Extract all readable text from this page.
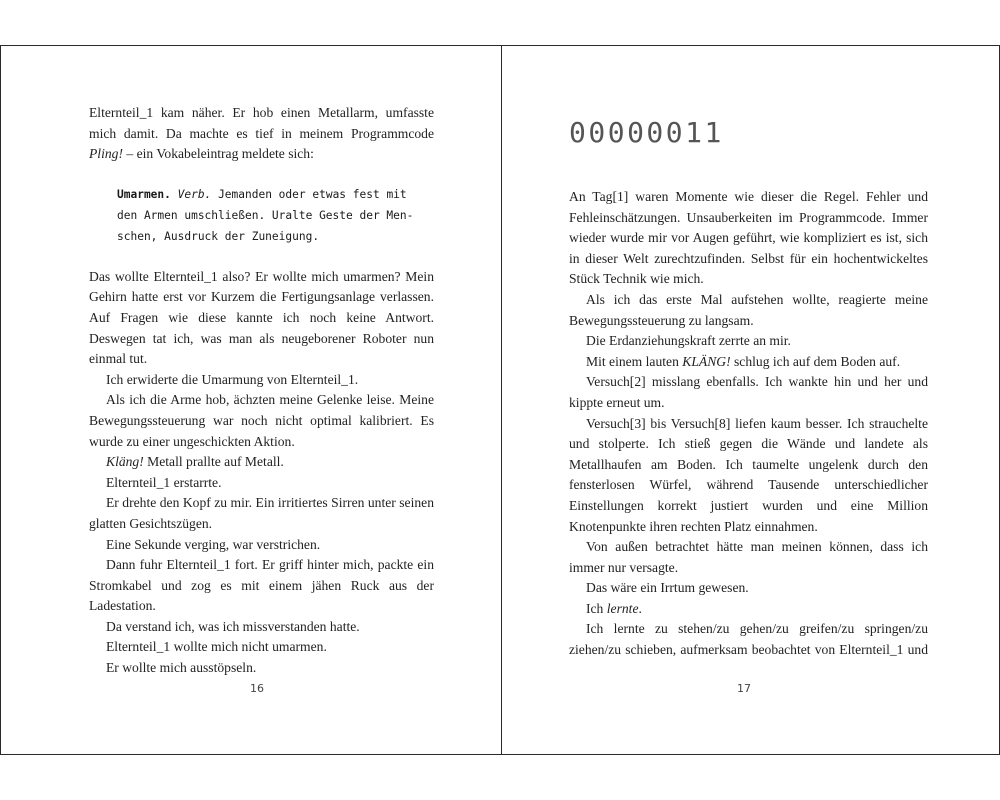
Elternteil_1 kam näher. Er hob einen Metallarm, umfasste
mich damit. Da machte es tief in meinem Programmcode
Pling! – ein Vokabeleintrag meldete sich:

Umarmen. Verb. Jemanden oder etwas fest mit
den Armen umschließen. Uralte Geste der Men-
schen, Ausdruck der Zuneigung.

Das wollte Elternteil_1 also? Er wollte mich umarmen? Mein Gehirn hatte erst vor Kurzem die Fertigungsanlage verlassen. Auf Fragen wie diese kannte ich noch keine Antwort. Deswegen tat ich, was man als neugeborener Roboter nun einmal tut.

Ich erwiderte die Umarmung von Elternteil_1.

Als ich die Arme hob, ächzten meine Gelenke leise. Meine Bewegungssteuerung war noch nicht optimal kalibriert. Es wurde zu einer ungeschickten Aktion.

Kläng! Metall prallte auf Metall.

Elternteil_1 erstarrte.

Er drehte den Kopf zu mir. Ein irritiertes Sirren unter seinen glatten Gesichtszügen.

Eine Sekunde verging, war verstrichen.

Dann fuhr Elternteil_1 fort. Er griff hinter mich, packte ein Stromkabel und zog es mit einem jähen Ruck aus der Ladestation.

Da verstand ich, was ich missverstanden hatte.

Elternteil_1 wollte mich nicht umarmen.

Er wollte mich ausstöpseln.

16
00000011

An Tag[1] waren Momente wie dieser die Regel. Fehler und Fehleinschätzungen. Unsauberkeiten im Programmcode. Immer wieder wurde mir vor Augen geführt, wie kompliziert es ist, sich in dieser Welt zurechtzufinden. Selbst für ein hochentwickeltes Stück Technik wie mich.

Als ich das erste Mal aufstehen wollte, reagierte meine Bewegungssteuerung zu langsam.

Die Erdanziehungskraft zerrte an mir.

Mit einem lauten KLÄNG! schlug ich auf dem Boden auf.

Versuch[2] misslang ebenfalls. Ich wankte hin und her und kippte erneut um.

Versuch[3] bis Versuch[8] liefen kaum besser. Ich strauchelte und stolperte. Ich stieß gegen die Wände und landete als Metallhaufen am Boden. Ich taumelte ungelenk durch den fensterlosen Würfel, während Tausende unterschiedlicher Einstellungen korrekt justiert wurden und eine Million Knotenpunkte ihren rechten Platz einnahmen.

Von außen betrachtet hätte man meinen können, dass ich immer nur versagte.

Das wäre ein Irrtum gewesen.

Ich lernte.

Ich lernte zu stehen/zu gehen/zu greifen/zu springen/zu ziehen/zu schieben, aufmerksam beobachtet von Elternteil_1 und

17
